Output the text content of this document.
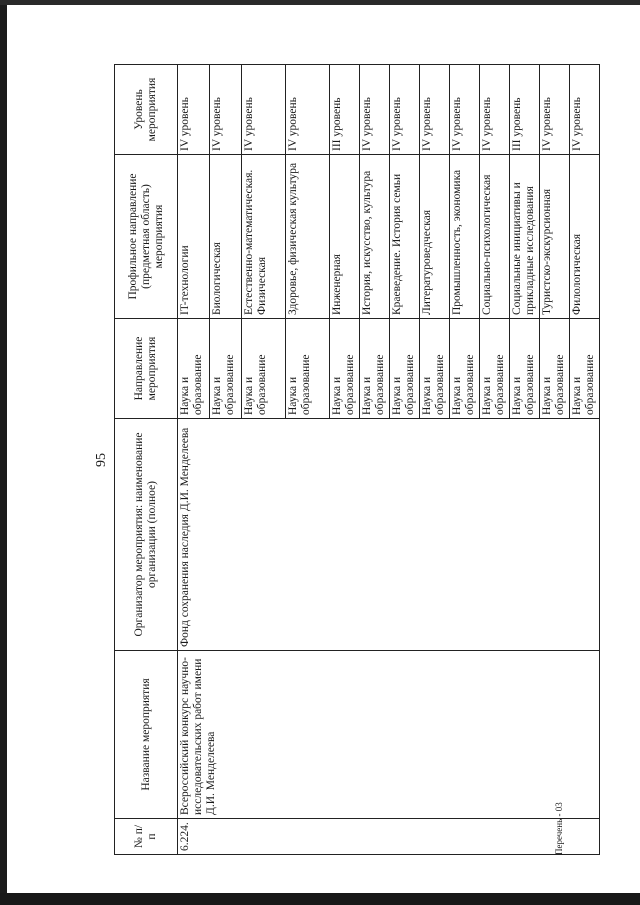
95
№ п/п	Название мероприятия	Организатор мероприятия: наименование организации (полное)	Направление мероприятия	Профильное направление (предметная область) мероприятия	Уровень мероприятия
6.224.	Всероссийский конкурс научно-исследовательских работ имени Д.И. Менделеева	Фонд сохранения наследия Д.И. Менделеева	Наука и образование	IT-технологии	IV уровень
			Наука и образование	Биологическая	IV уровень
			Наука и образование	Естественно-математическая. Физическая	IV уровень
			Наука и образование	Здоровье, физическая культура	IV уровень
			Наука и образование	Инженерная	III уровень
			Наука и образование	История, искусство, культура	IV уровень
			Наука и образование	Краеведение. История семьи	IV уровень
			Наука и образование	Литературоведческая	IV уровень
			Наука и образование	Промышленность, экономика	IV уровень
			Наука и образование	Социально-психологическая	IV уровень
			Наука и образование	Социальные инициативы и прикладные исследования	III уровень
			Наука и образование	Туристско-экскурсионная	IV уровень
			Наука и образование	Филологическая	IV уровень
Перечень - 03
